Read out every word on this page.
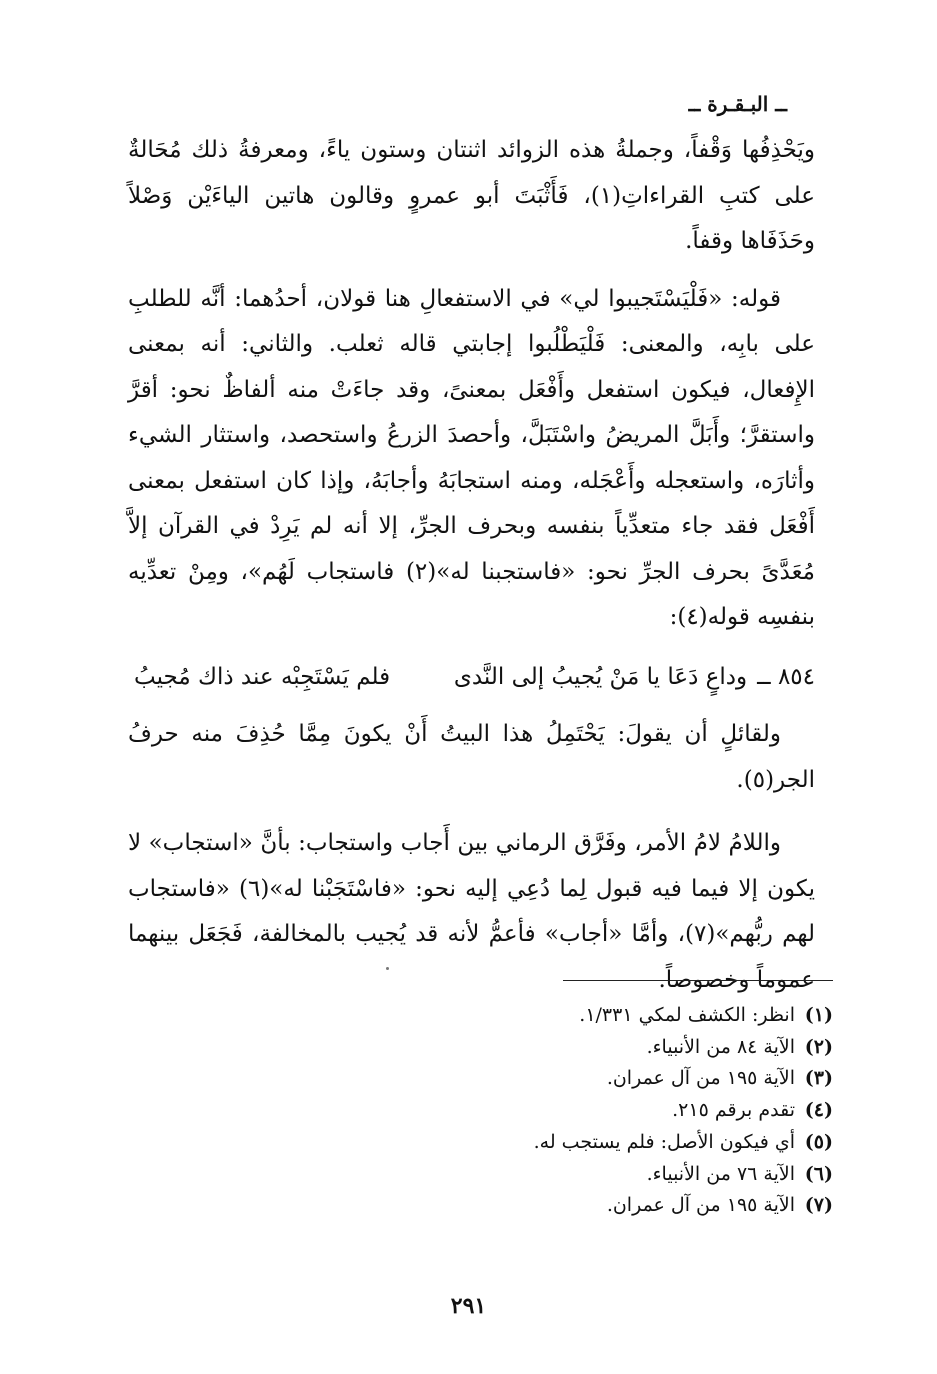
ــ البـقـرة ــ

ويَحْذِفُها وَقْفاً، وجملةُ هذه الزوائد اثنتان وستون ياءً، ومعرفةُ ذلك مُحَالةٌ على كتبِ القراءاتِ(١)، فَأَثْبَتَ أبو عمروٍ وقالون هاتين الياءَيْن وَصْلاً وحَذَفَاها وقفاً.

قوله: «فَلْيَسْتَجيبوا لي» في الاستفعالِ هنا قولان، أحدُهما: أنَّه للطلبِ على بابِه، والمعنى: فَلْيَطْلُبوا إجابتي قاله ثعلب. والثاني: أنه بمعنى الإِفعال، فيكون استفعل وأَفْعَل بمعنىً، وقد جاءَتْ منه ألفاظٌ نحو: أقرَّ واستقرَّ؛ وأَبَلَّ المريضُ واسْتَبَلَّ، وأحصدَ الزرعُ واستحصد، واستثار الشيء وأثارَه، واستعجله وأَعْجَله، ومنه استجابَهُ وأجابَهُ، وإذا كان استفعل بمعنى أَفْعَل فقد جاء متعدِّياً بنفسه وبحرف الجرِّ، إلا أنه لم يَرِدْ في القرآن إلاَّ مُعَدَّىً بحرف الجرِّ نحو: «فاستجبنا له»(٢) فاستجاب لَهُم»، ومِنْ تعدِّيه بنفسِه قوله(٤):

٨٥٤ ــ
وداعٍ دَعَا يا مَنْ يُجيبُ إلى النَّدى
فلم يَسْتَجِبْه عند ذاك مُجيبُ

ولقائلٍ أن يقولَ: يَحْتَمِلُ هذا البيتُ أَنْ يكونَ مِمَّا حُذِفَ منه حرفُ الجر(٥).

واللامُ لامُ الأمر، وفَرَّق الرماني بين أَجاب واستجاب: بأنَّ «استجاب» لا يكون إلا فيما فيه قبول لِما دُعِي إليه نحو: «فاسْتَجَبْنا له»(٦) «فاستجاب لهم ربُّهم»(٧)، وأمَّا «أجاب» فأعمُّ لأنه قد يُجيب بالمخالفة، فَجَعَل بينهما عموماً وخصوصاً.

(١)
انظر: الكشف لمكي ١/٣٣١.
(٢)
الآية ٨٤ من الأنبياء.
(٣)
الآية ١٩٥ من آل عمران.
(٤)
تقدم برقم ٢١٥.
(٥)
أي فيكون الأصل: فلم يستجب له.
(٦)
الآية ٧٦ من الأنبياء.
(٧)
الآية ١٩٥ من آل عمران.
٢٩١
